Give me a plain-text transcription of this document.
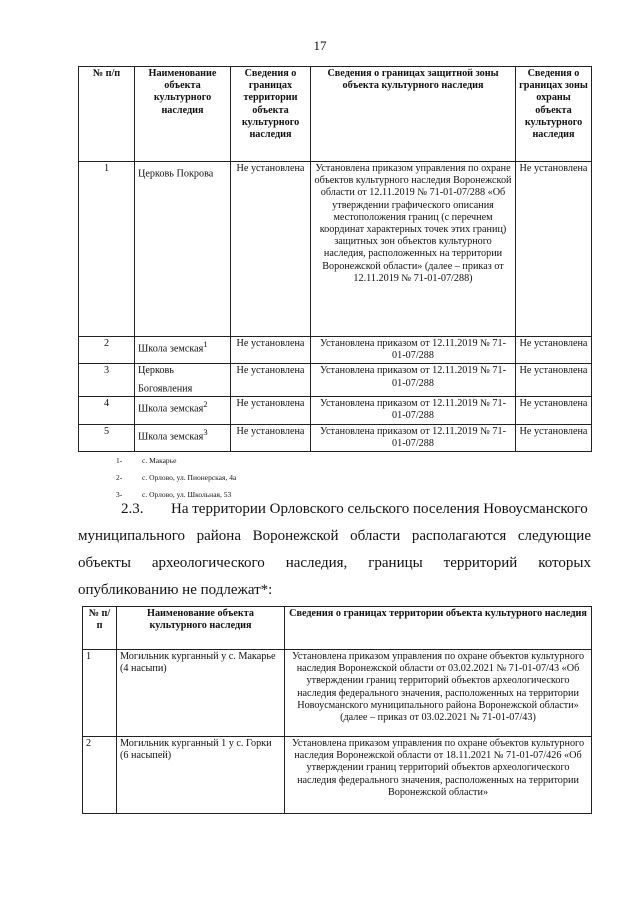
17
№ п/п	Наименование объекта культурного наследия	Сведения о границах территории объекта культурного наследия	Сведения о границах защитной зоны объекта культурного наследия	Сведения о границах зоны охраны объекта культурного наследия
1	Церковь Покрова	Не установлена	Установлена приказом управления по охране объектов культурного наследия Воронежской области от 12.11.2019 № 71-01-07/288 «Об утверждении графического описания местоположения границ (с перечнем координат характерных точек этих границ) защитных зон объектов культурного наследия, расположенных на территории Воронежской области» (далее – приказ от 12.11.2019 № 71-01-07/288)	Не установлена
2	Школа земская$^1$	Не установлена	Установлена приказом от 12.11.2019 № 71-01-07/288	Не установлена
3	Церковь Богоявления	Не установлена	Установлена приказом от 12.11.2019 № 71-01-07/288	Не установлена
4	Школа земская$^2$	Не установлена	Установлена приказом от 12.11.2019 № 71-01-07/288	Не установлена
5	Школа земская$^3$	Не установлена	Установлена приказом от 12.11.2019 № 71-01-07/288	Не установлена
1-	с. Макарье
2-	с. Орлово, ул. Пионерская, 4а
3-	с. Орлово, ул. Школьная, 53
2.3.	На территории Орловского сельского поселения Новоусманского
муниципального района Воронежской области располагаются следующие
объекты археологического наследия, границы территорий которых
опубликованию не подлежат*:
№ п/п	Наименование объекта культурного наследия	Сведения о границах территории объекта культурного наследия
1	Могильник курганный у с. Макарье (4 насыпи)	Установлена приказом управления по охране объектов культурного наследия Воронежской области от 03.02.2021 № 71-01-07/43 «Об утверждении границ территорий объектов археологического наследия федерального значения, расположенных на территории Новоусманского муниципального района Воронежской области» (далее – приказ от 03.02.2021 № 71-01-07/43)
2	Могильник курганный 1 у с. Горки (6 насыпей)	Установлена приказом управления по охране объектов культурного наследия Воронежской области от 18.11.2021 № 71-01-07/426 «Об утверждении границ территорий объектов археологического наследия федерального значения, расположенных на территории Воронежской области»
